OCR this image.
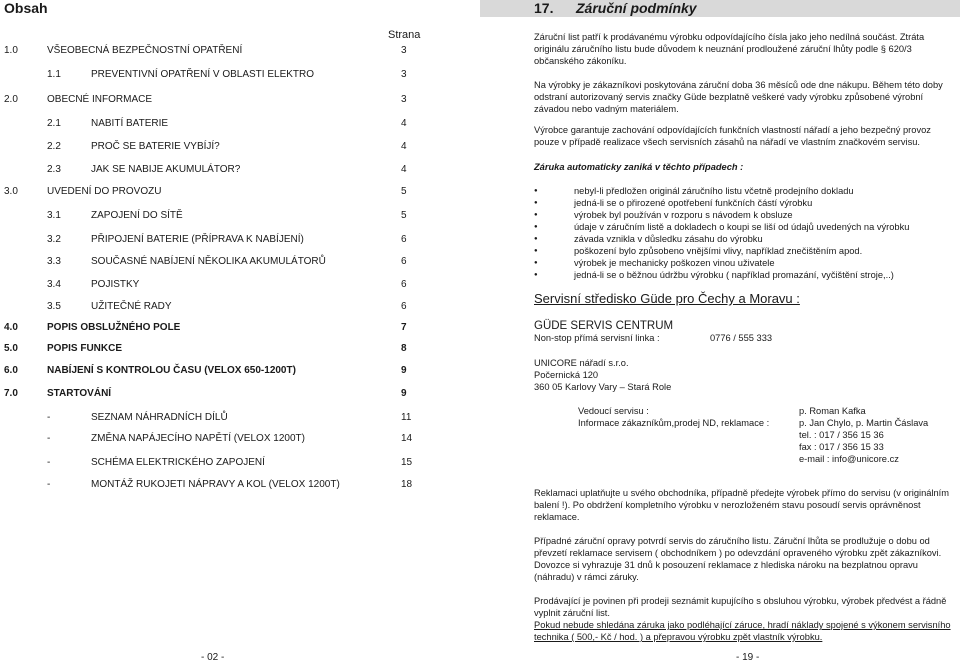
Obsah
Strana
1.0	VŠEOBECNÁ BEZPEČNOSTNÍ OPATŘENÍ	3
1.1	PREVENTIVNÍ OPATŘENÍ V OBLASTI ELEKTRO	3
2.0	OBECNÉ INFORMACE	3
2.1	NABITÍ BATERIE	4
2.2	PROČ SE BATERIE VYBÍJÍ?	4
2.3	JAK SE NABIJE AKUMULÁTOR?	4
3.0	UVEDENÍ DO PROVOZU	5
3.1	ZAPOJENÍ DO SÍTĚ	5
3.2	PŘIPOJENÍ BATERIE (PŘÍPRAVA K NABÍJENÍ)	6
3.3	SOUČASNÉ NABÍJENÍ NĚKOLIKA AKUMULÁTORŮ	6
3.4	POJISTKY	6
3.5	UŽITEČNÉ RADY	6
4.0	POPIS OBSLUŽNÉHO POLE	7
5.0	POPIS FUNKCE	8
6.0	NABÍJENÍ S KONTROLOU ČASU (VELOX 650-1200T)	9
7.0	STARTOVÁNÍ	9
-	SEZNAM NÁHRADNÍCH DÍLŮ	11
-	ZMĚNA NAPÁJECÍHO NAPĚTÍ (VELOX 1200T)	14
-	SCHÉMA ELEKTRICKÉHO ZAPOJENÍ	15
-	MONTÁŽ RUKOJETI NÁPRAVY A KOL (VELOX 1200T)	18
- 02 -
17. Záruční podmínky
Záruční list patří k prodávanému výrobku odpovídajícího čísla jako jeho nedílná součást. Ztráta originálu záručního listu bude důvodem k neuznání prodloužené záruční lhůty podle § 620/3 občanského zákoníku.
Na výrobky je zákazníkovi poskytována záruční doba 36 měsíců ode dne nákupu. Během této doby odstraní autorizovaný servis značky Güde bezplatně veškeré vady výrobku způsobené výrobní závadou nebo vadným materiálem.
Výrobce garantuje zachování odpovídajících funkčních vlastností nářadí a jeho bezpečný provoz pouze v případě realizace všech servisních zásahů na nářadí ve vlastním značkovém servisu.
Záruka automaticky zaniká v těchto případech :
●	nebyl-li předložen originál záručního listu včetně prodejního dokladu
●	jedná-li se o přirozené opotřebení funkčních částí výrobku
●	výrobek byl používán v rozporu s návodem k obsluze
●	údaje v záručním listě a dokladech o koupi se liší od údajů uvedených na výrobku
●	závada vznikla v důsledku zásahu do výrobku
●	poškození bylo způsobeno vnějšími vlivy, například znečištěním apod.
●	výrobek je mechanicky poškozen vinou uživatele
●	jedná-li se o běžnou údržbu výrobku ( například promazání, vyčištění stroje,..)
Servisní středisko Güde pro Čechy a Moravu :
GÜDE SERVIS CENTRUM
Non-stop přímá servisní linka :	0776 / 555 333
UNICORE nářadí s.r.o.
Počernická 120
360 05 Karlovy Vary – Stará Role
Vedoucí servisu :	p. Roman Kafka
Informace zákazníkům,prodej ND, reklamace :	p. Jan Chylo, p. Martin Čáslava
tel. : 017 / 356 15 36
fax : 017 / 356 15 33
e-mail : info@unicore.cz
Reklamaci uplatňujte u svého obchodníka, případně předejte výrobek přímo do servisu (v originálním balení !). Po obdržení kompletního výrobku v nerozloženém stavu posoudí servis oprávněnost reklamace.
Případné záruční opravy potvrdí servis do záručního listu. Záruční lhůta se prodlužuje o dobu od převzetí reklamace servisem ( obchodníkem ) po odevzdání opraveného výrobku zpět zákazníkovi. Dovozce si vyhrazuje 31 dnů k posouzení reklamace z hlediska nároku na bezplatnou opravu (náhradu) v rámci záruky.
Prodávající je povinen při prodeji seznámit kupujícího s obsluhou výrobku, výrobek předvést a řádně vyplnit záruční list.
Pokud nebude shledána záruka jako podléhající záruce, hradí náklady spojené s výkonem servisního technika ( 500,- Kč / hod. ) a přepravou výrobku zpět vlastník výrobku.
- 19 -
